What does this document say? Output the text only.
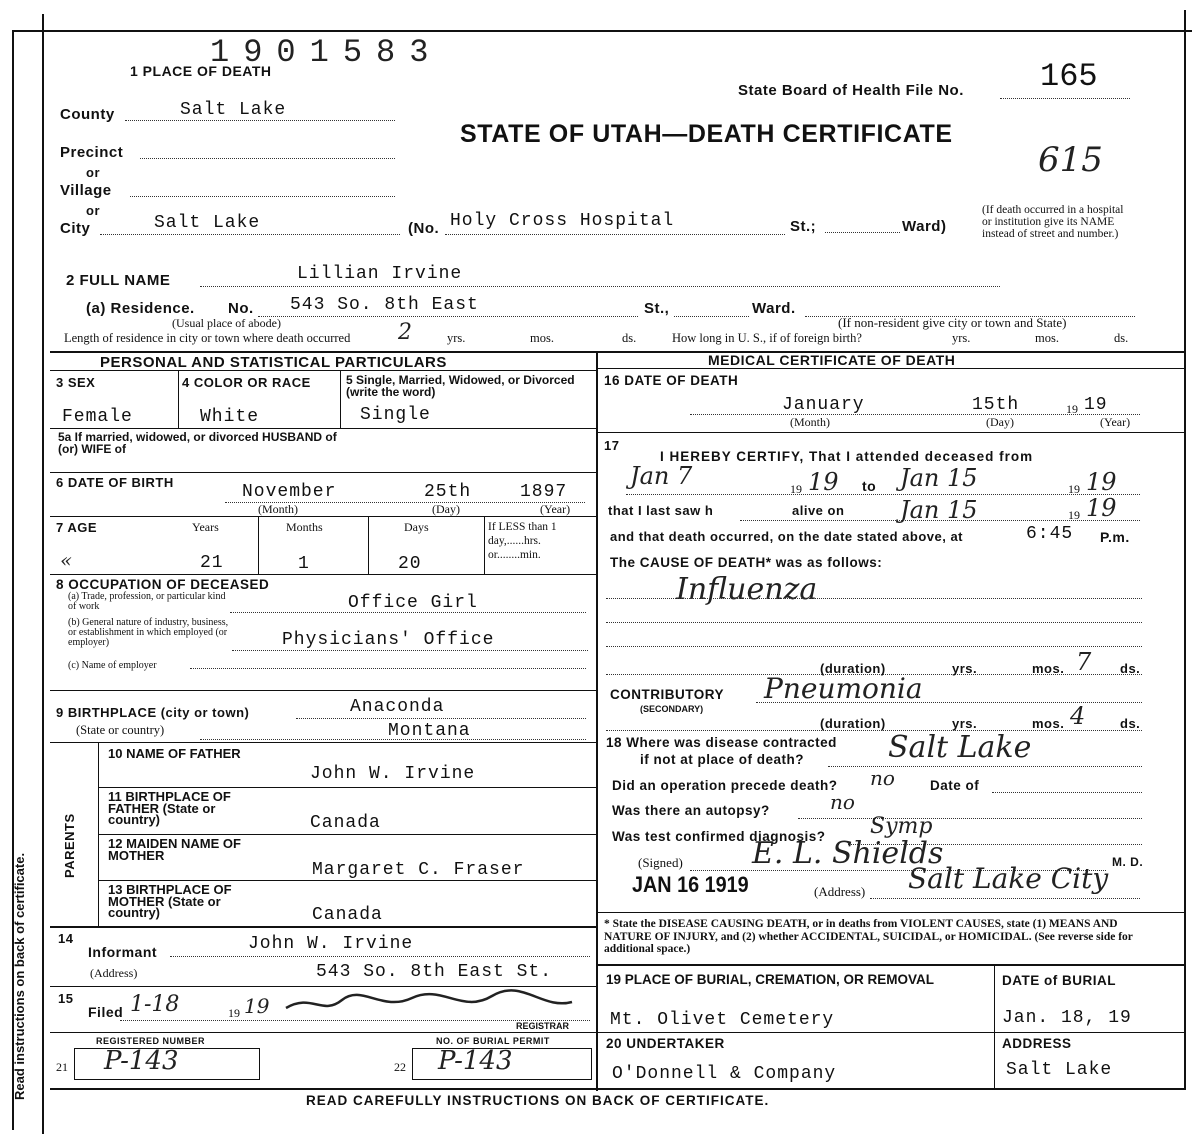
Read instructions on back of certificate.
1901583
1 PLACE OF DEATH
State Board of Health File No. 165
615
STATE OF UTAH—DEATH CERTIFICATE
County	Salt Lake
Precinct
or
Village
or
City	Salt Lake	(No. Holy Cross Hospital	St.;	Ward)
(If death occurred in a hospital or institution give its NAME instead of street and number.)
2 FULL NAME	Lillian Irvine
(a) Residence. No. 543 So. 8th East	St.,	Ward.
(Usual place of abode)	(If non-resident give city or town and State)
Length of residence in city or town where death occurred 2	yrs.	mos.	ds.	How long in U. S., if of foreign birth?	yrs.	mos.	ds.
PERSONAL AND STATISTICAL PARTICULARS	MEDICAL CERTIFICATE OF DEATH
3 SEX
Female
4 COLOR OR RACE
White
5 Single, Married, Widowed, or Divorced (write the word)
Single
5a If married, widowed, or divorced HUSBAND of (or) WIFE of
6 DATE OF BIRTH	November	25th	1897
(Month)	(Day)	(Year)
7 AGE	Years	Months	Days	If LESS than 1 day,......hrs. or........min.
«	21	1	20
8 OCCUPATION OF DECEASED
(a) Trade, profession, or particular kind of work	Office Girl
(b) General nature of industry, business, or establishment in which employed (or employer)	Physicians' Office
(c) Name of employer
9 BIRTHPLACE (city or town)	Anaconda
(State or country)	Montana
PARENTS
10 NAME OF FATHER
John W. Irvine
11 BIRTHPLACE OF FATHER (State or country)	Canada
12 MAIDEN NAME OF MOTHER
Margaret C. Fraser
13 BIRTHPLACE OF MOTHER (State or country)	Canada
14
Informant	John W. Irvine
(Address)	543 So. 8th East St.
15
Filed 1-18	19 19
REGISTRAR
REGISTERED NUMBER	NO. OF BURIAL PERMIT
21 P-143	22 P-143
16 DATE OF DEATH
January	15th	19 19
(Month)	(Day)	(Year)
17
I HEREBY CERTIFY, That I attended deceased from
Jan 7	19 19 to Jan 15	19 19
that I last saw h	alive on Jan 15	19 19
and that death occurred, on the date stated above, at	6:45 P.m.
The CAUSE OF DEATH* was as follows:
Influenza
(duration)	yrs.	mos. 7 ds.
CONTRIBUTORY
(SECONDARY)
Pneumonia
(duration)	yrs.	mos. 4	ds.
18 Where was disease contracted
if not at place of death?	Salt Lake
Did an operation precede death? no	Date of
Was there an autopsy?	no
Was test confirmed diagnosis? Symp
(Signed) E. L. Shields	M. D.
JAN 16 1919	(Address) Salt Lake City
* State the DISEASE CAUSING DEATH, or in deaths from VIOLENT CAUSES, state (1) MEANS AND NATURE OF INJURY, and (2) whether ACCIDENTAL, SUICIDAL, or HOMICIDAL. (See reverse side for additional space.)
19 PLACE OF BURIAL, CREMATION, OR REMOVAL
Mt. Olivet Cemetery
DATE of BURIAL
Jan. 18, 19
20 UNDERTAKER
O'Donnell & Company
ADDRESS
Salt Lake
READ CAREFULLY INSTRUCTIONS ON BACK OF CERTIFICATE.
